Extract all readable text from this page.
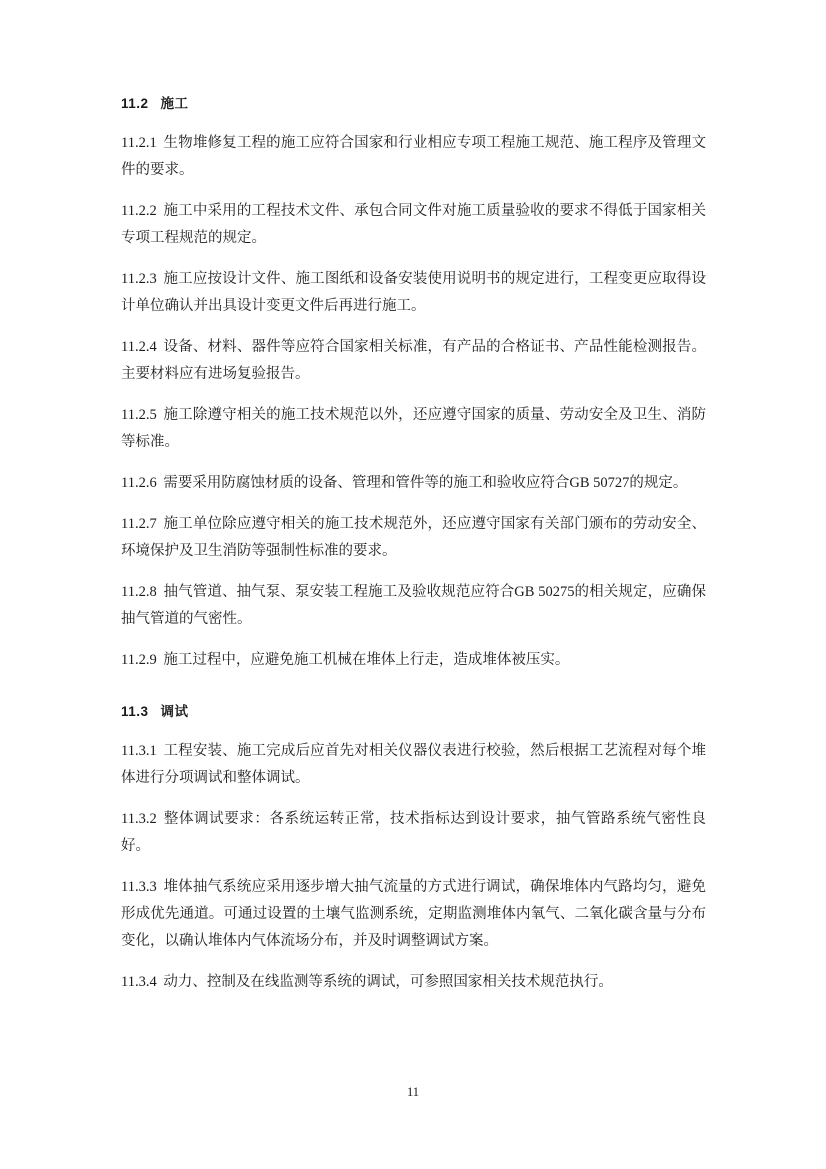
11.2 施工

11.2.1 生物堆修复工程的施工应符合国家和行业相应专项工程施工规范、施工程序及管理文件的要求。

11.2.2 施工中采用的工程技术文件、承包合同文件对施工质量验收的要求不得低于国家相关专项工程规范的规定。

11.2.3 施工应按设计文件、施工图纸和设备安装使用说明书的规定进行，工程变更应取得设计单位确认并出具设计变更文件后再进行施工。

11.2.4 设备、材料、器件等应符合国家相关标准，有产品的合格证书、产品性能检测报告。主要材料应有进场复验报告。

11.2.5 施工除遵守相关的施工技术规范以外，还应遵守国家的质量、劳动安全及卫生、消防等标准。

11.2.6 需要采用防腐蚀材质的设备、管理和管件等的施工和验收应符合GB 50727的规定。

11.2.7 施工单位除应遵守相关的施工技术规范外，还应遵守国家有关部门颁布的劳动安全、环境保护及卫生消防等强制性标准的要求。

11.2.8 抽气管道、抽气泵、泵安装工程施工及验收规范应符合GB 50275的相关规定，应确保抽气管道的气密性。

11.2.9 施工过程中，应避免施工机械在堆体上行走，造成堆体被压实。

11.3 调试

11.3.1 工程安装、施工完成后应首先对相关仪器仪表进行校验，然后根据工艺流程对每个堆体进行分项调试和整体调试。

11.3.2 整体调试要求：各系统运转正常，技术指标达到设计要求，抽气管路系统气密性良好。

11.3.3 堆体抽气系统应采用逐步增大抽气流量的方式进行调试，确保堆体内气路均匀，避免形成优先通道。可通过设置的土壤气监测系统，定期监测堆体内氧气、二氧化碳含量与分布变化，以确认堆体内气体流场分布，并及时调整调试方案。

11.3.4 动力、控制及在线监测等系统的调试，可参照国家相关技术规范执行。

11
